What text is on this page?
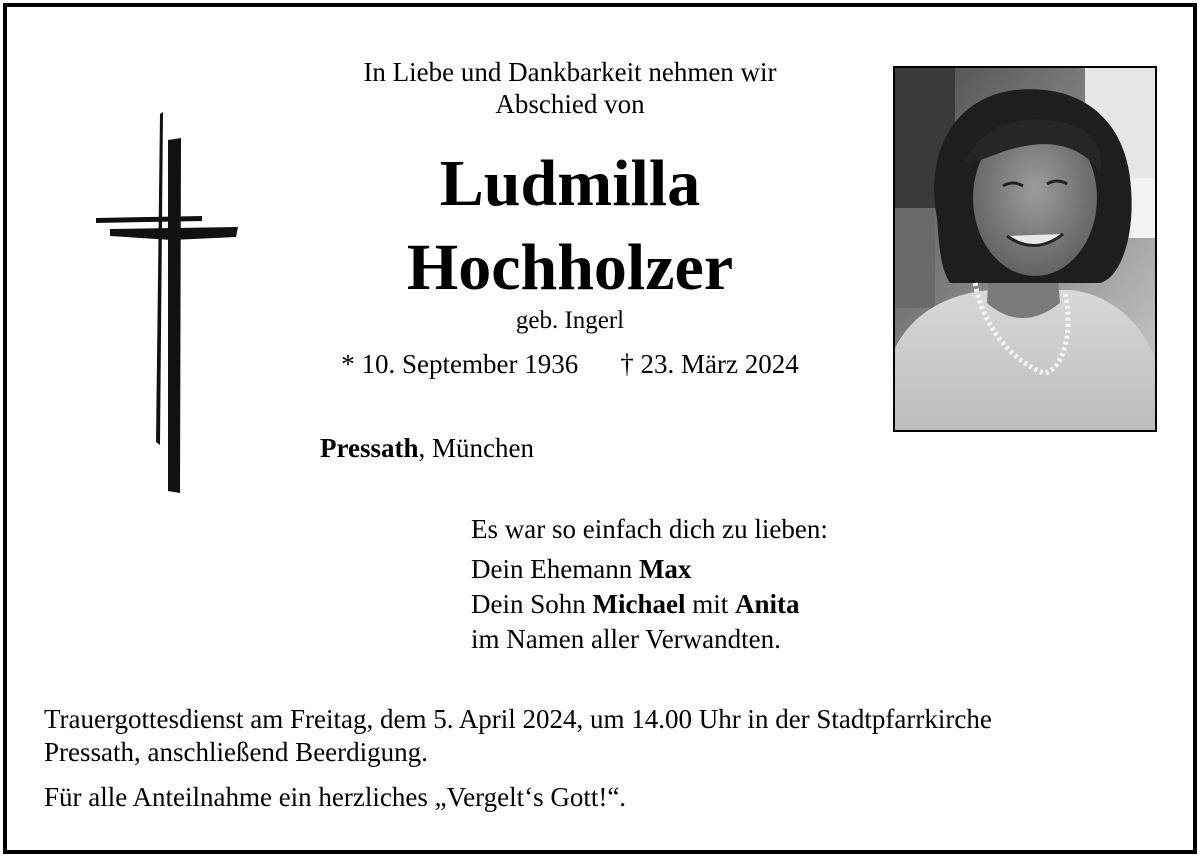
In Liebe und Dankbarkeit nehmen wir
Abschied von
Ludmilla
Hochholzer
geb. Ingerl
* 10. September 1936 † 23. März 2024
Pressath, München
Es war so einfach dich zu lieben:
Dein Ehemann Max
Dein Sohn Michael mit Anita
im Namen aller Verwandten.
Trauergottesdienst am Freitag, dem 5. April 2024, um 14.00 Uhr in der Stadtpfarrkirche
Pressath, anschließend Beerdigung.
Für alle Anteilnahme ein herzliches „Vergelt‘s Gott!“.
